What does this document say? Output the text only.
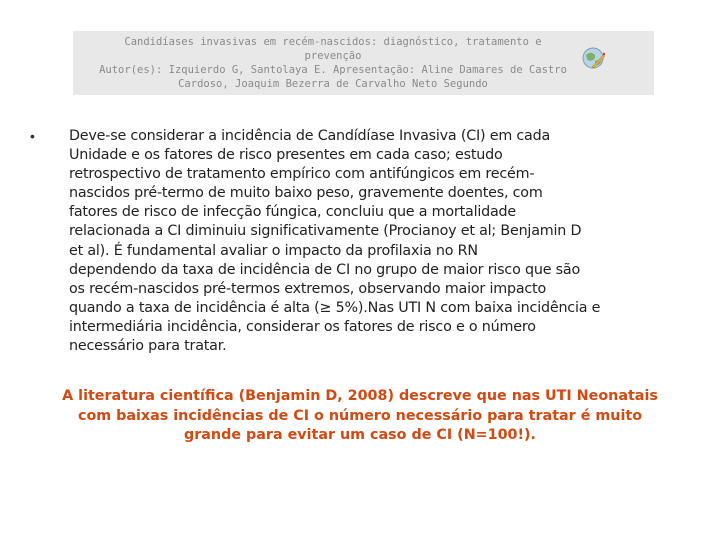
Candidíases invasivas em recém-nascidos: diagnóstico, tratamento e
prevenção
Autor(es): Izquierdo G, Santolaya E. Apresentação: Aline Damares de Castro
Cardoso, Joaquim Bezerra de Carvalho Neto Segundo
• Deve-se considerar a incidência de Candídíase Invasiva (CI) em cada
Unidade e os fatores de risco presentes em cada caso; estudo
retrospectivo de tratamento empírico com antifúngicos em recém-
nascidos pré-termo de muito baixo peso, gravemente doentes, com
fatores de risco de infecção fúngica, concluiu que a mortalidade
relacionada a CI diminuiu significativamente (Procianoy et al; Benjamin D
et al). É fundamental avaliar o impacto da profilaxia no RN
dependendo da taxa de incidência de CI no grupo de maior risco que são
os recém-nascidos pré-termos extremos, observando maior impacto
quando a taxa de incidência é alta (≥ 5%).Nas UTI N com baixa incidência e
intermediária incidência, considerar os fatores de risco e o número
necessário para tratar.
A literatura científica (Benjamin D, 2008) descreve que nas UTI Neonatais
com baixas incidências de CI o número necessário para tratar é muito
grande para evitar um caso de CI (N=100!).
